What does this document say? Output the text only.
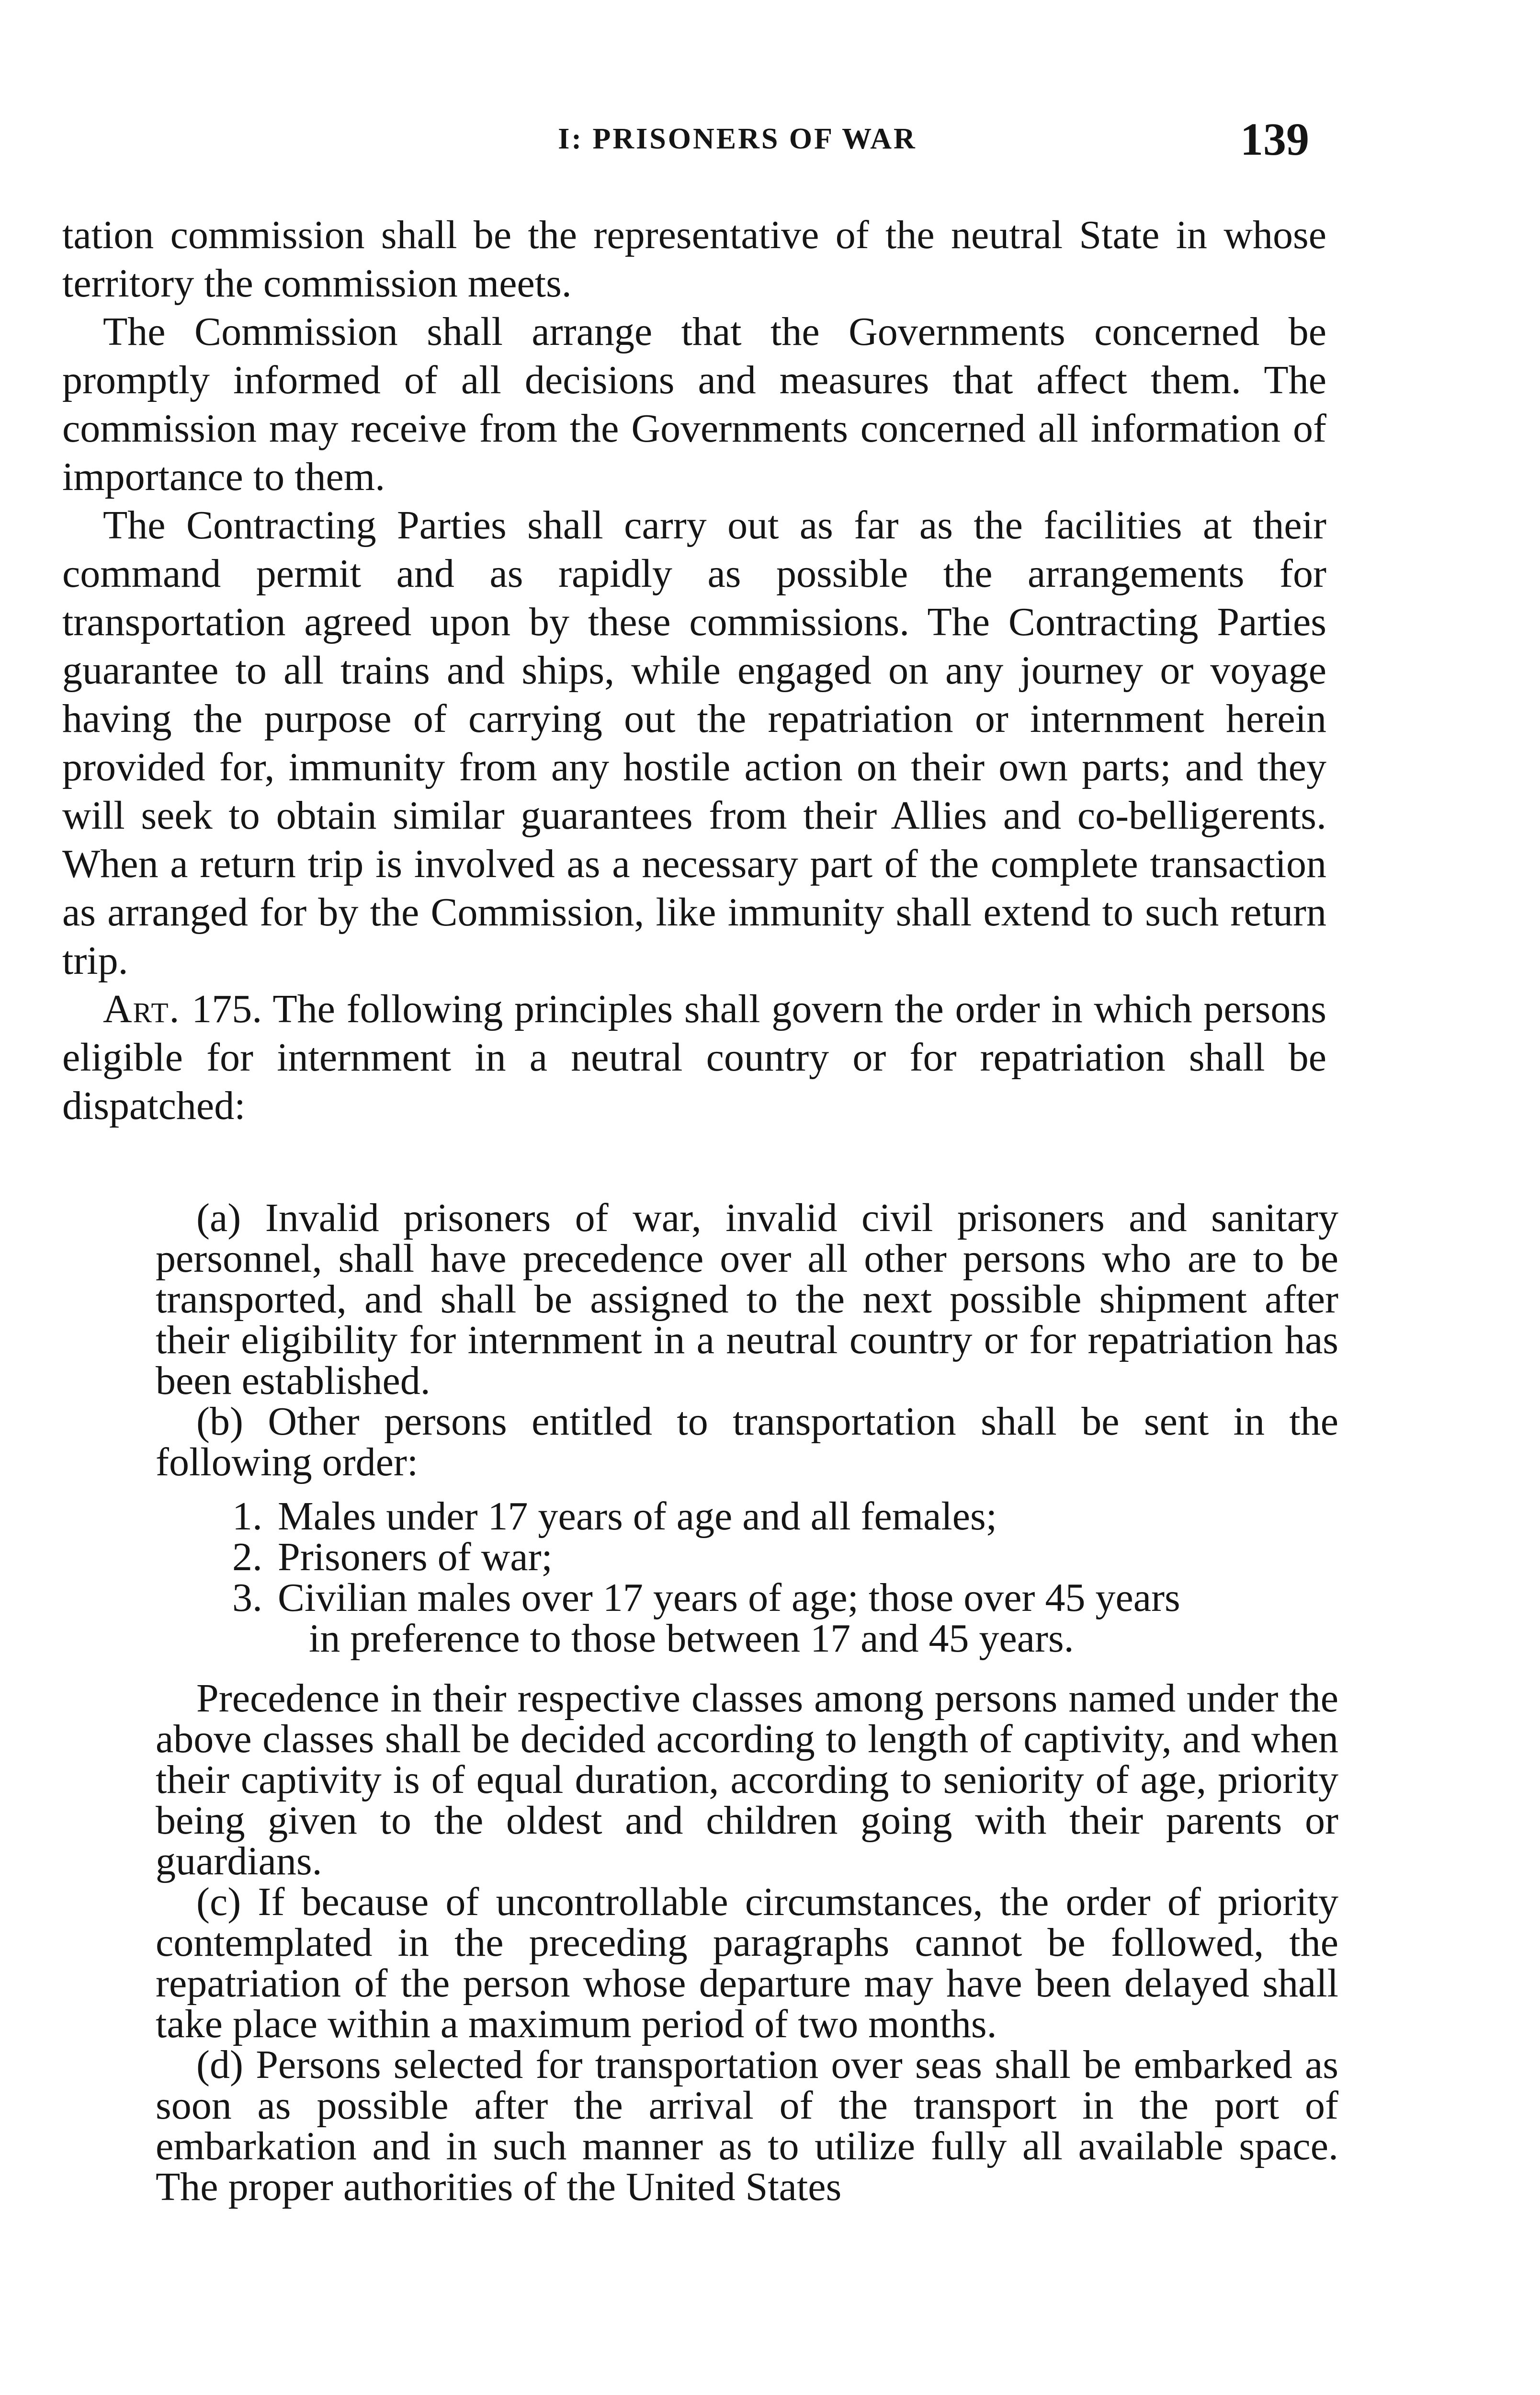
I: PRISONERS OF WAR	139

tation commission shall be the representative of the neutral State in whose territory the commission meets.

The Commission shall arrange that the Governments concerned be promptly informed of all decisions and measures that affect them. The commission may receive from the Governments concerned all information of importance to them.

The Contracting Parties shall carry out as far as the facilities at their command permit and as rapidly as possible the arrangements for transportation agreed upon by these commissions. The Contracting Parties guarantee to all trains and ships, while engaged on any journey or voyage having the purpose of carrying out the repatriation or internment herein provided for, immunity from any hostile action on their own parts; and they will seek to obtain similar guarantees from their Allies and co-belligerents. When a return trip is involved as a necessary part of the complete transaction as arranged for by the Commission, like immunity shall extend to such return trip.

Art. 175. The following principles shall govern the order in which persons eligible for internment in a neutral country or for repatriation shall be dispatched:

(a) Invalid prisoners of war, invalid civil prisoners and sanitary personnel, shall have precedence over all other persons who are to be transported, and shall be assigned to the next possible shipment after their eligibility for internment in a neutral country or for repatriation has been established.

(b) Other persons entitled to transportation shall be sent in the following order:

1. Males under 17 years of age and all females;
2. Prisoners of war;
3. Civilian males over 17 years of age; those over 45 years
in preference to those between 17 and 45 years.

Precedence in their respective classes among persons named under the above classes shall be decided according to length of captivity, and when their captivity is of equal duration, according to seniority of age, priority being given to the oldest and children going with their parents or guardians.

(c) If because of uncontrollable circumstances, the order of priority contemplated in the preceding paragraphs cannot be followed, the repatriation of the person whose departure may have been delayed shall take place within a maximum period of two months.

(d) Persons selected for transportation over seas shall be embarked as soon as possible after the arrival of the transport in the port of embarkation and in such manner as to utilize fully all available space. The proper authorities of the United States
